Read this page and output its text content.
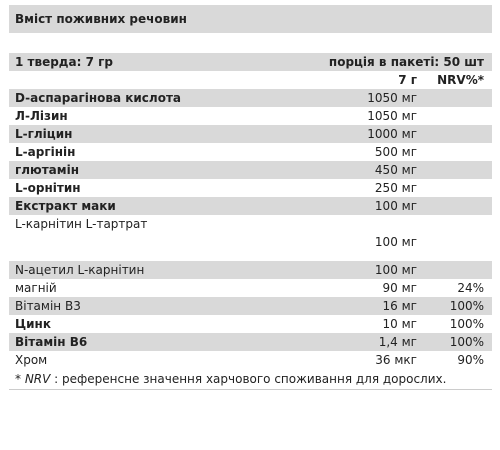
Вміст поживних речовин
1 тверда: 7 гр	порція в пакеті: 50 шт
7 г NRV%*
D-аспарагінова кислота	1050 мг
Л-Лізин	1050 мг
L-гліцин	1000 мг
L-аргінін	500 мг
глютамін	450 мг
L-орнітин	250 мг
Екстракт маки	100 мг
L-карнітин L-тартрат
100 мг
N-ацетил L-карнітин	100 мг
магній	90 мг	24%
Вітамін B3	16 мг	100%
Цинк	10 мг	100%
Вітамін B6	1,4 мг	100%
Хром	36 мкг	90%
* NRV : референсне значення харчового споживання для дорослих.
